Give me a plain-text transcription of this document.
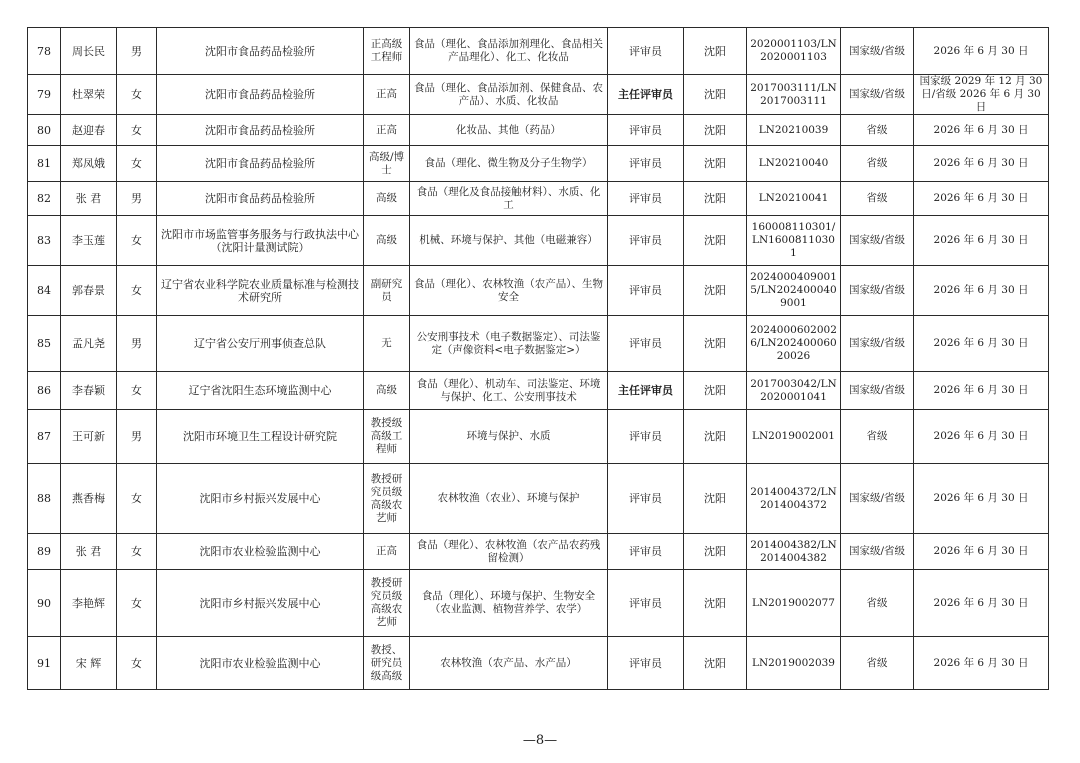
78	周长民	男	沈阳市食品药品检验所	正高级工程师	食品（理化、食品添加剂理化、食品相关产品理化）、化工、化妆品	评审员	沈阳	2020001103/LN2020001103	国家级/省级	2026 年 6 月 30 日
79	杜翠荣	女	沈阳市食品药品检验所	正高	食品（理化、食品添加剂、保健食品、农产品）、水质、化妆品	主任评审员	沈阳	2017003111/LN2017003111	国家级/省级	国家级 2029 年 12 月 30 日/省级 2026 年 6 月 30 日
80	赵迎春	女	沈阳市食品药品检验所	正高	化妆品、其他（药品）	评审员	沈阳	LN20210039	省级	2026 年 6 月 30 日
81	郑凤娥	女	沈阳市食品药品检验所	高级/博士	食品（理化、微生物及分子生物学）	评审员	沈阳	LN20210040	省级	2026 年 6 月 30 日
82	张 君	男	沈阳市食品药品检验所	高级	食品（理化及食品接触材料）、水质、化工	评审员	沈阳	LN20210041	省级	2026 年 6 月 30 日
83	李玉莲	女	沈阳市市场监管事务服务与行政执法中心（沈阳计量测试院）	高级	机械、环境与保护、其他（电磁兼容）	评审员	沈阳	160008110301/LN16008110301	国家级/省级	2026 年 6 月 30 日
84	郭春景	女	辽宁省农业科学院农业质量标准与检测技术研究所	副研究员	食品（理化）、农林牧渔（农产品）、生物安全	评审员	沈阳	20240004090015/LN2024000409001	国家级/省级	2026 年 6 月 30 日
85	孟凡尧	男	辽宁省公安厅刑事侦查总队	无	公安刑事技术（电子数据鉴定）、司法鉴定（声像资料<电子数据鉴定>）	评审员	沈阳	20240006020026/LN202400060 20026	国家级/省级	2026 年 6 月 30 日
86	李春颖	女	辽宁省沈阳生态环境监测中心	高级	食品（理化）、机动车、司法鉴定、环境与保护、化工、公安刑事技术	主任评审员	沈阳	2017003042/LN2020001041	国家级/省级	2026 年 6 月 30 日
87	王可新	男	沈阳市环境卫生工程设计研究院	教授级高级工程师	环境与保护、水质	评审员	沈阳	LN2019002001	省级	2026 年 6 月 30 日
88	燕香梅	女	沈阳市乡村振兴发展中心	教授研究员级高级农艺师	农林牧渔（农业）、环境与保护	评审员	沈阳	2014004372/LN2014004372	国家级/省级	2026 年 6 月 30 日
89	张 君	女	沈阳市农业检验监测中心	正高	食品（理化）、农林牧渔（农产品农药残留检测）	评审员	沈阳	2014004382/LN2014004382	国家级/省级	2026 年 6 月 30 日
90	李艳辉	女	沈阳市乡村振兴发展中心	教授研究员级高级农艺师	食品（理化）、环境与保护、生物安全（农业监测、植物营养学、农学）	评审员	沈阳	LN2019002077	省级	2026 年 6 月 30 日
91	宋 辉	女	沈阳市农业检验监测中心	教授、研究员级高级	农林牧渔（农产品、水产品）	评审员	沈阳	LN2019002039	省级	2026 年 6 月 30 日
—8—
